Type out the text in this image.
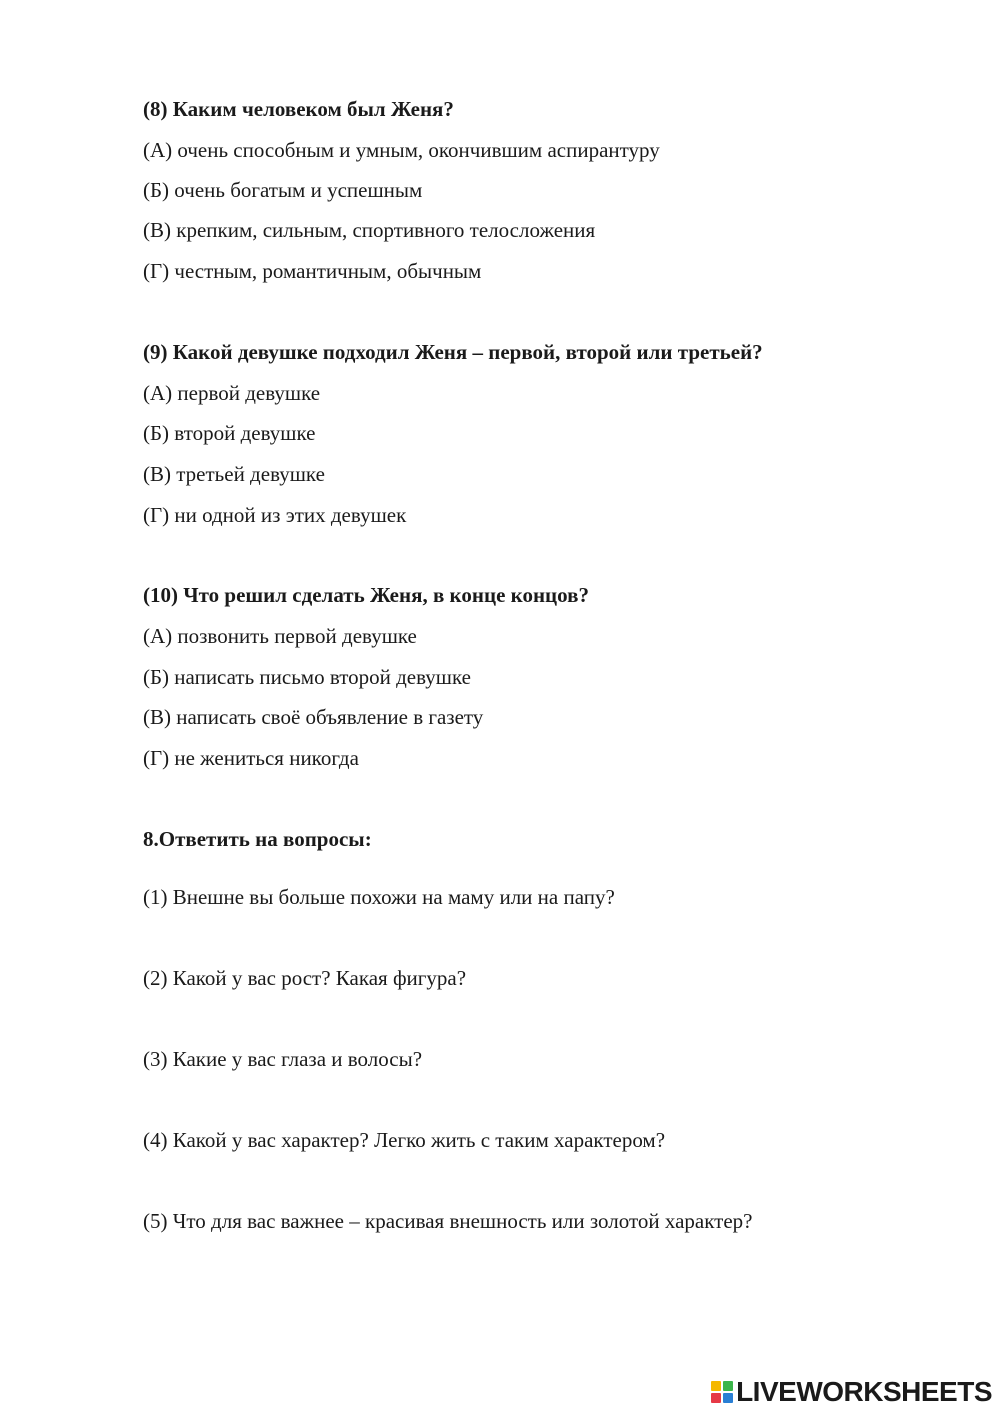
(8) Каким человеком был Женя?
(А) очень способным и умным, окончившим аспирантуру
(Б) очень богатым и успешным
(В) крепким, сильным, спортивного телосложения
(Г) честным, романтичным, обычным
(9) Какой девушке подходил Женя – первой, второй или третьей?
(А) первой девушке
(Б) второй девушке
(В) третьей девушке
(Г) ни одной из этих девушек
(10) Что решил сделать Женя, в конце концов?
(А) позвонить первой девушке
(Б) написать письмо второй девушке
(В) написать своё объявление в газету
(Г) не жениться никогда
8.Ответить на вопросы:
(1) Внешне вы больше похожи на маму или на папу?
(2) Какой у вас рост? Какая фигура?
(3) Какие у вас глаза и волосы?
(4) Какой у вас характер? Легко жить с таким характером?
(5) Что для вас важнее – красивая внешность или золотой характер?
LIVEWORKSHEETS
